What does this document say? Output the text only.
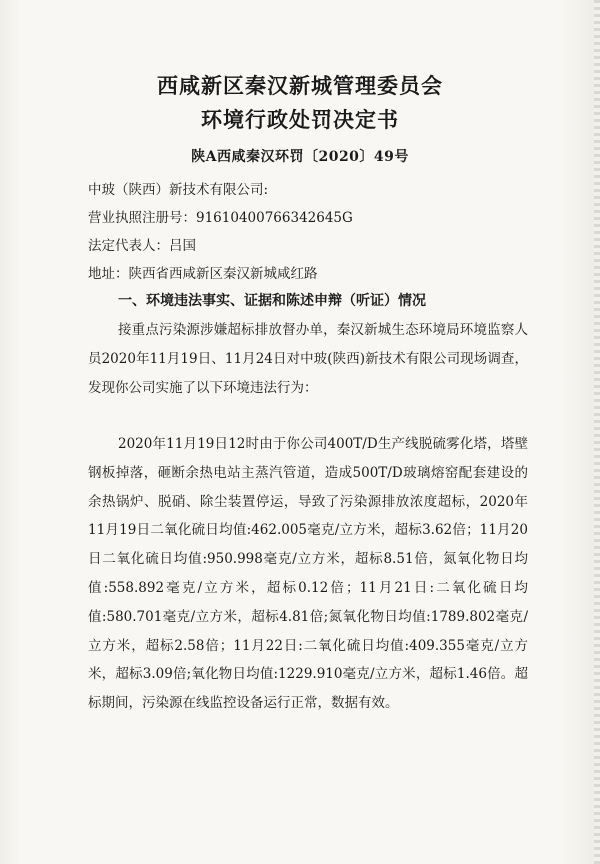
西咸新区秦汉新城管理委员会
环境行政处罚决定书
陕A西咸秦汉环罚〔2020〕49号
中玻（陕西）新技术有限公司:
营业执照注册号：91610400766342645G
法定代表人：吕国
地址：陕西省西咸新区秦汉新城咸红路
一、环境违法事实、证据和陈述申辩（听证）情况

接重点污染源涉嫌超标排放督办单，秦汉新城生态环境局环境监察人员2020年11月19日、11月24日对中玻(陕西)新技术有限公司现场调查，发现你公司实施了以下环境违法行为：

2020年11月19日12时由于你公司400T/D生产线脱硫雾化塔，塔壁钢板掉落，砸断余热电站主蒸汽管道，造成500T/D玻璃熔窑配套建设的余热锅炉、脱硝、除尘装置停运，导致了污染源排放浓度超标，2020年11月19日二氧化硫日均值:462.005毫克/立方米，超标3.62倍；11月20日二氧化硫日均值:950.998毫克/立方米，超标8.51倍，氮氧化物日均值:558.892毫克/立方米，超标0.12倍；11月21日:二氧化硫日均值:580.701毫克/立方米，超标4.81倍;氮氧化物日均值:1789.802毫克/立方米，超标2.58倍；11月22日:二氧化硫日均值:409.355毫克/立方米，超标3.09倍;氧化物日均值:1229.910毫克/立方米，超标1.46倍。超标期间，污染源在线监控设备运行正常，数据有效。
